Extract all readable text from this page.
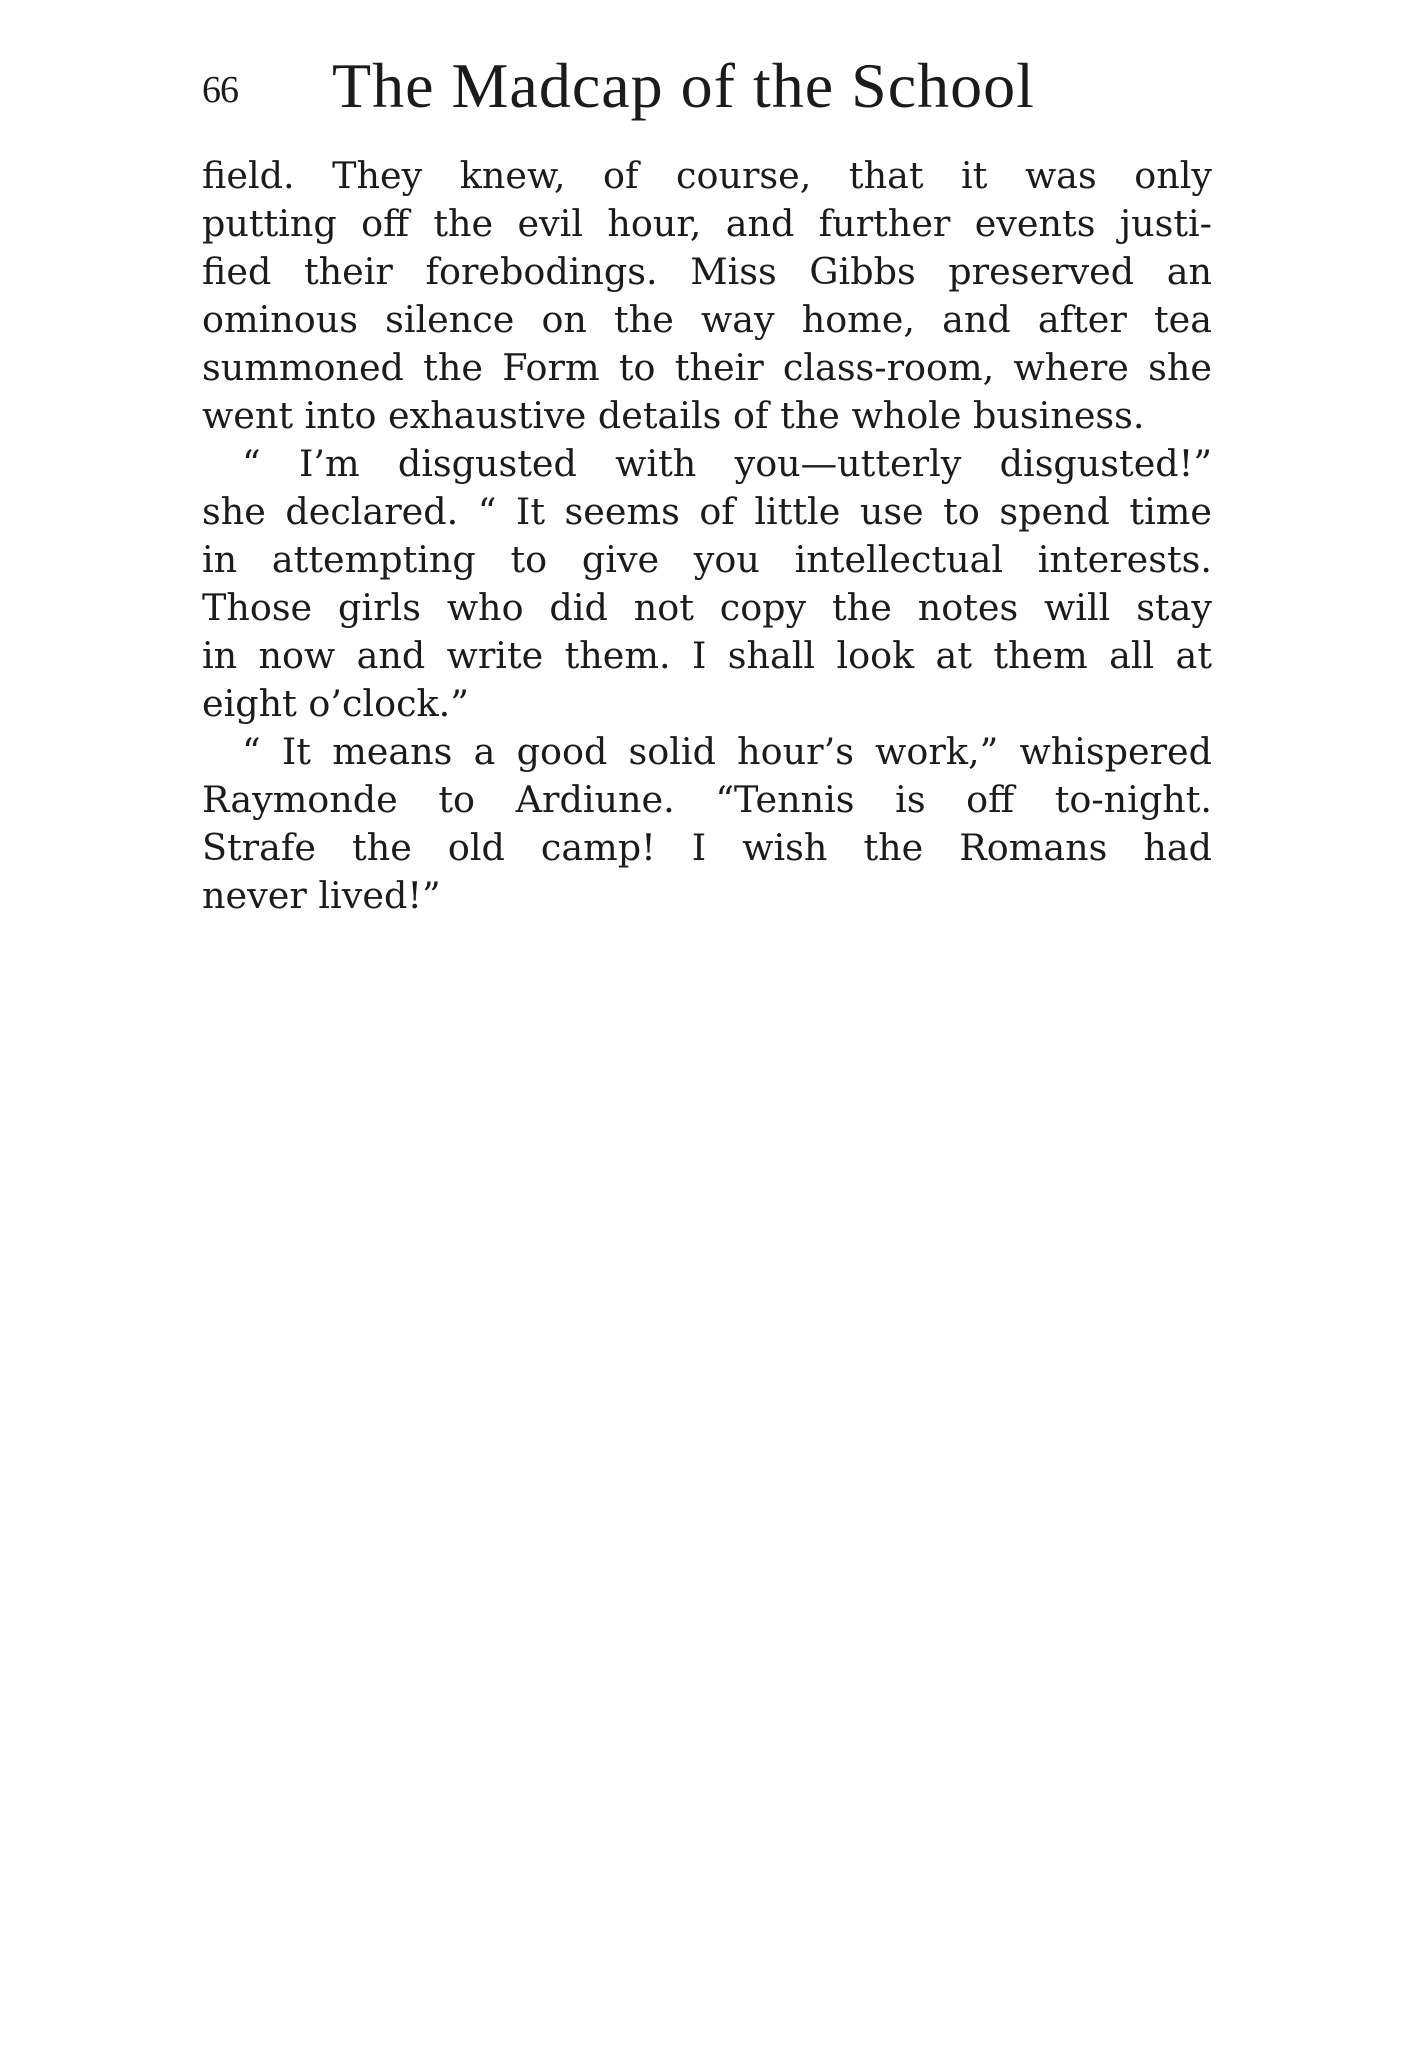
66 The Madcap of the School
field. They knew, of course, that it was only
putting off the evil hour, and further events justi-
fied their forebodings. Miss Gibbs preserved an
ominous silence on the way home, and after tea
summoned the Form to their class-room, where she
went into exhaustive details of the whole business.
“ I’m disgusted with you—utterly disgusted!”
she declared. “ It seems of little use to spend time
in attempting to give you intellectual interests.
Those girls who did not copy the notes will stay
in now and write them. I shall look at them all at
eight o’clock.”
“ It means a good solid hour’s work,” whispered
Raymonde to Ardiune. “Tennis is off to-night.
Strafe the old camp! I wish the Romans had
never lived!”
